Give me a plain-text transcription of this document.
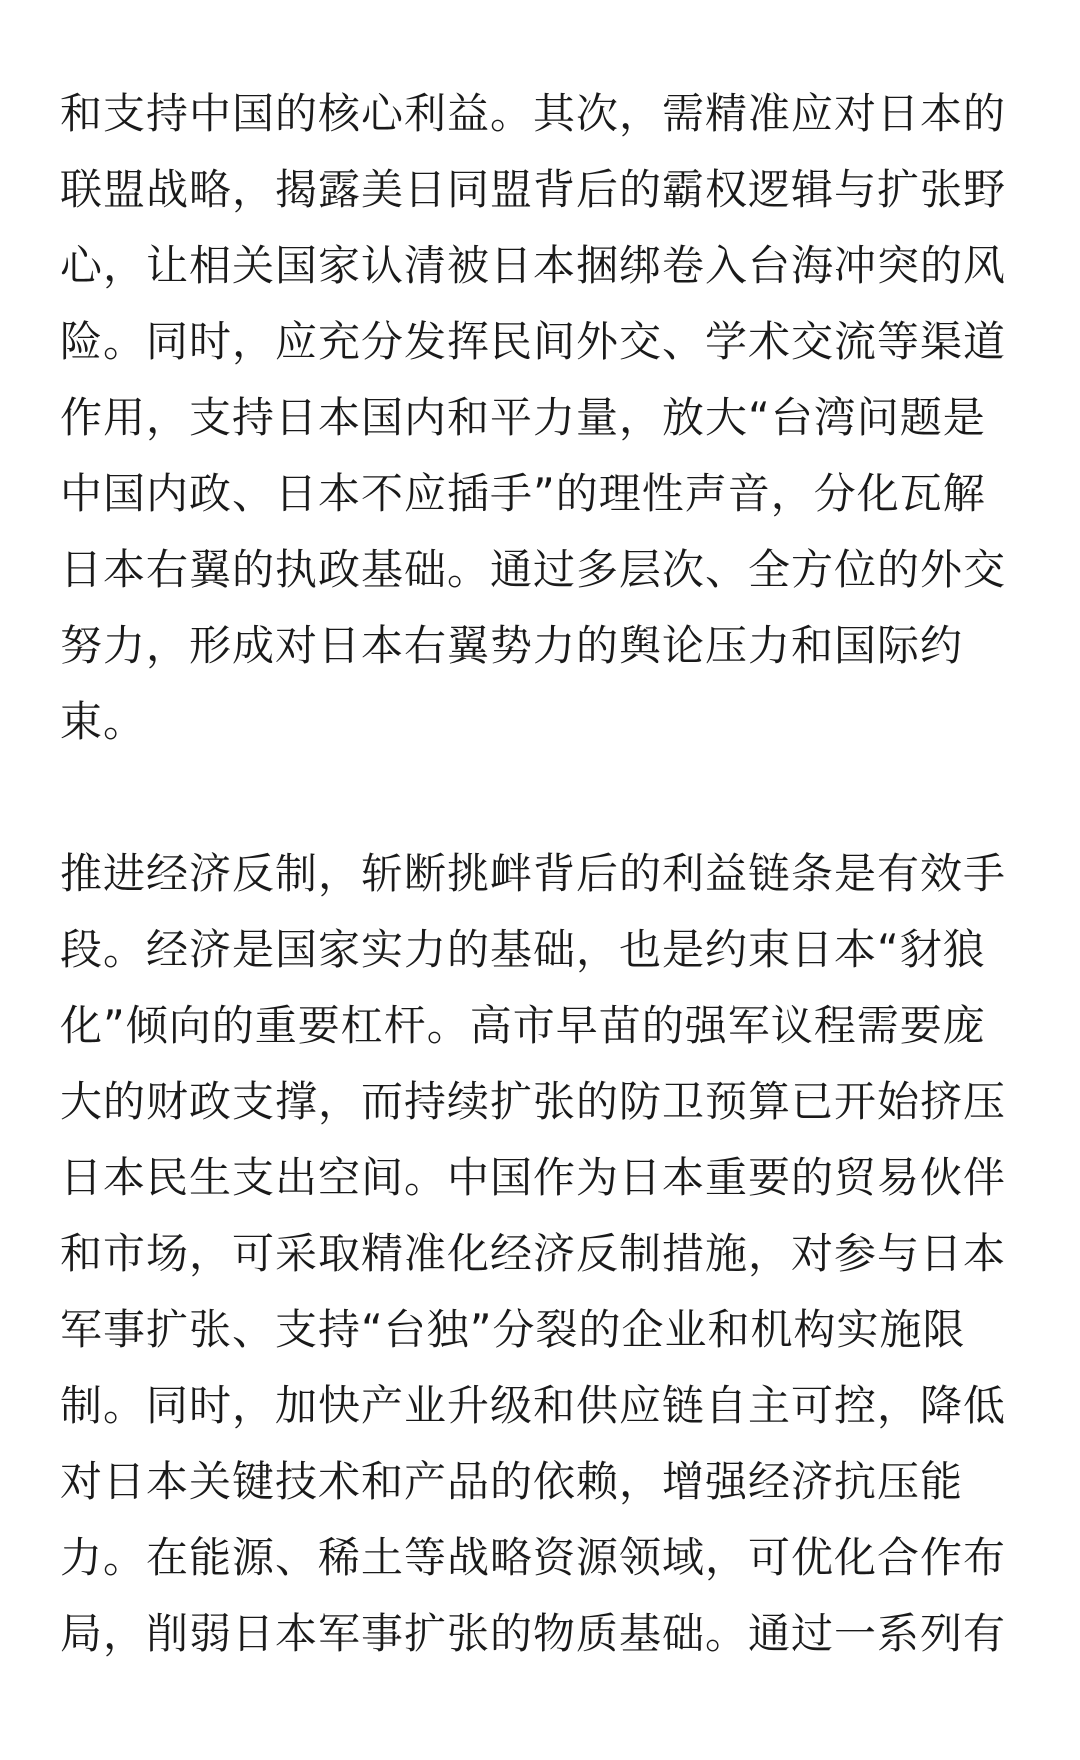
和支持中国的核心利益。其次，需精准应对日本的
联盟战略，揭露美日同盟背后的霸权逻辑与扩张野
心，让相关国家认清被日本捆绑卷入台海冲突的风
险。同时，应充分发挥民间外交、学术交流等渠道
作用，支持日本国内和平力量，放大“台湾问题是
中国内政、日本不应插手”的理性声音，分化瓦解
日本右翼的执政基础。通过多层次、全方位的外交
努力，形成对日本右翼势力的舆论压力和国际约
束。

推进经济反制，斩断挑衅背后的利益链条是有效手
段。经济是国家实力的基础，也是约束日本“豺狼
化”倾向的重要杠杆。高市早苗的强军议程需要庞
大的财政支撑，而持续扩张的防卫预算已开始挤压
日本民生支出空间。中国作为日本重要的贸易伙伴
和市场，可采取精准化经济反制措施，对参与日本
军事扩张、支持“台独”分裂的企业和机构实施限
制。同时，加快产业升级和供应链自主可控，降低
对日本关键技术和产品的依赖，增强经济抗压能
力。在能源、稀土等战略资源领域，可优化合作布
局，削弱日本军事扩张的物质基础。通过一系列有
